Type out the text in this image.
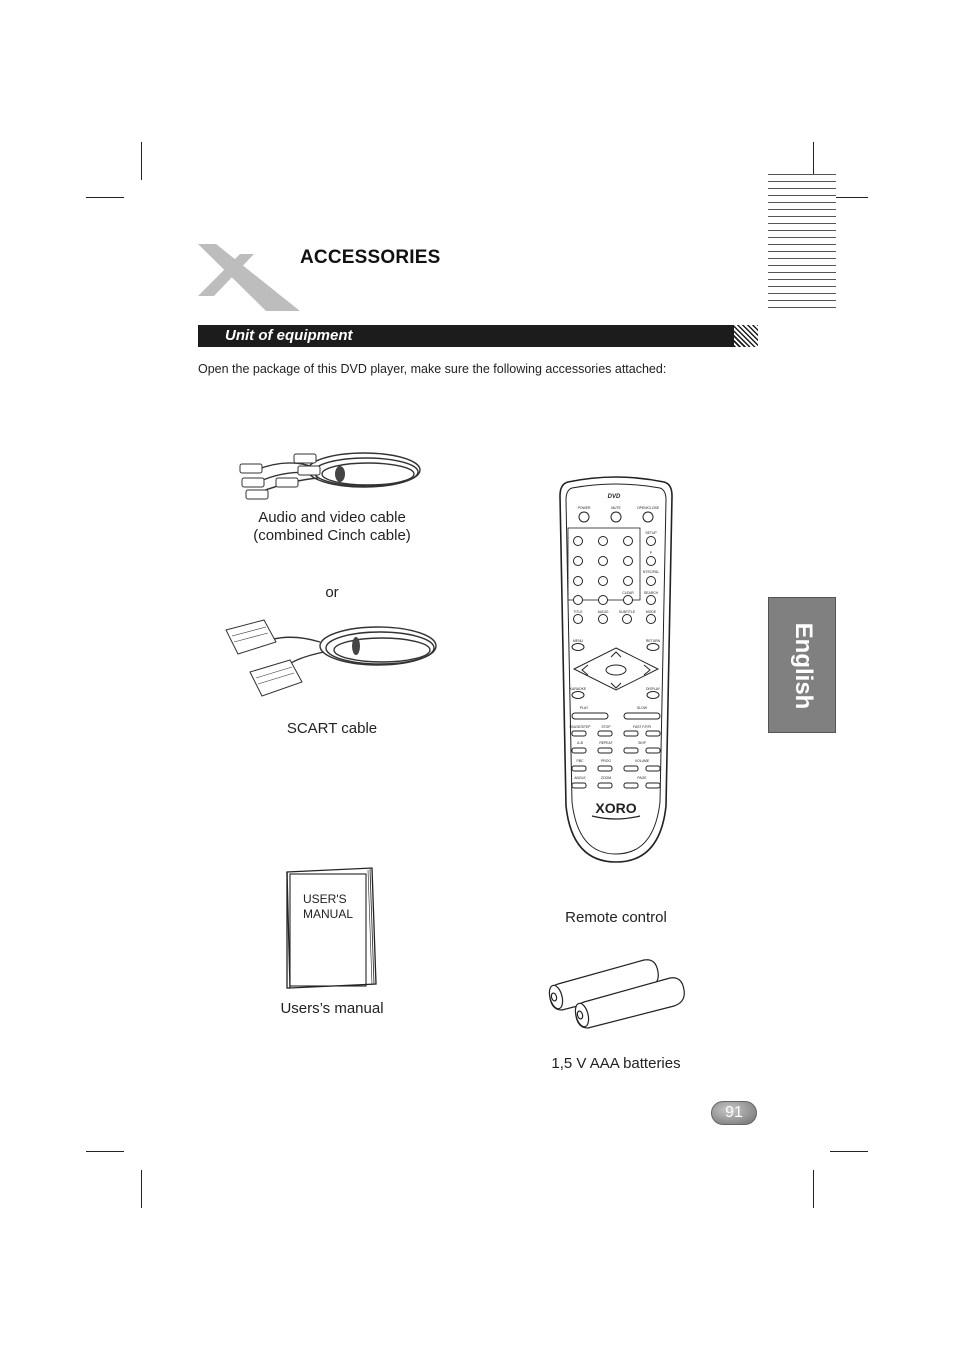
ACCESSORIES
Unit of equipment
Open the package of this DVD player, make sure the following accessories attached:
Audio and video cable
(combined Cinch cable)
or
SCART cable
DVD
POWER	MUTE	OPEN/CLOSE
SETUP
P
NTSC/PAL
CLEAR	SEARCH
TITLE	AUDIO	SUBTITLE	MODE
MENU	RETURN
KARAOKE	DISPLAY
PLAY	SLOW
PAUSE/STEP	STOP	FAST F/F/R
A-B	REPEAT	SKIP
PBC	PROG	VOLUME
ANGLE	ZOOM	PAGE
XORO
Remote control
USER'S
MANUAL
Users’s manual
1,5 V AAA batteries
English
91
